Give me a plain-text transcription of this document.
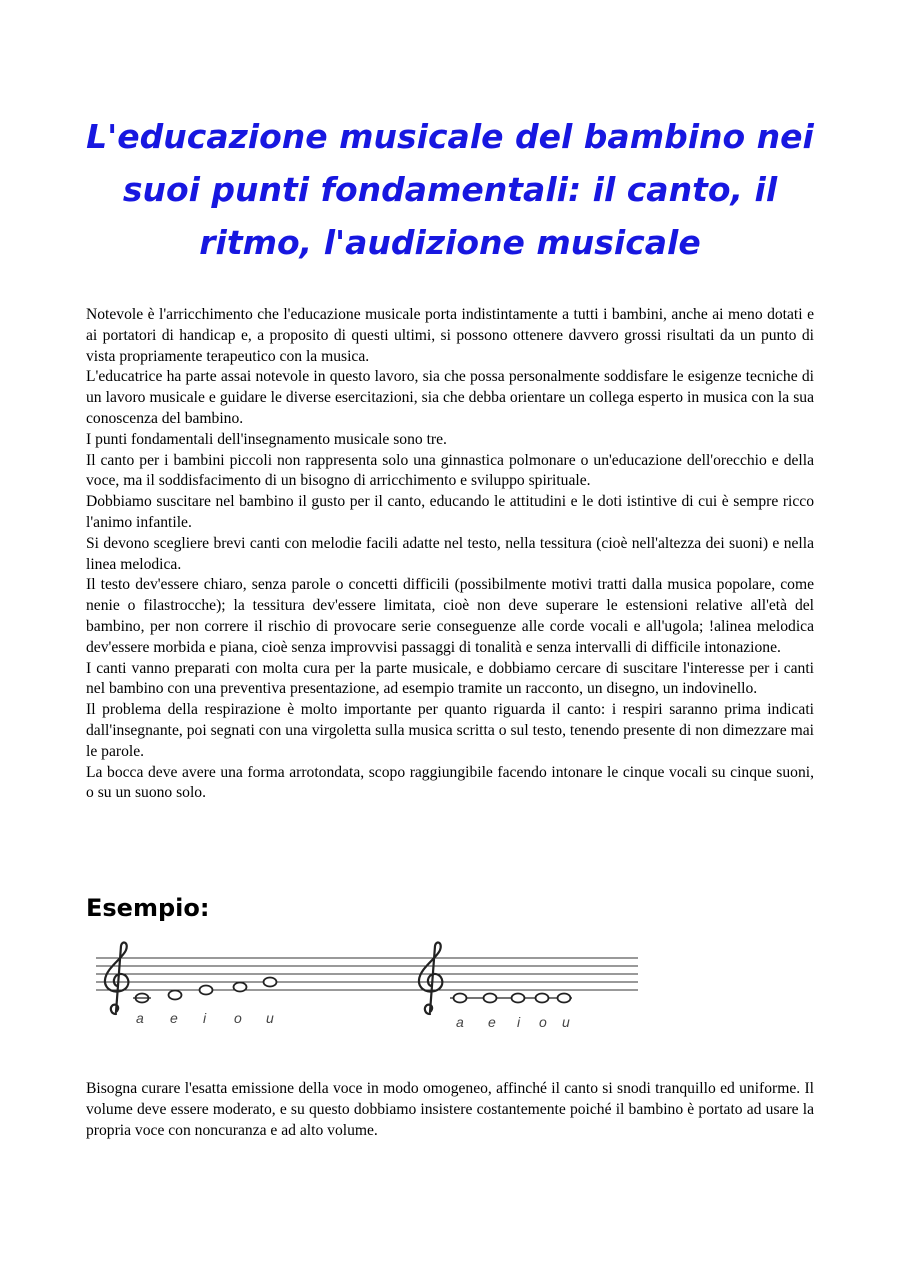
L'educazione musicale del bambino nei suoi punti fondamentali: il canto, il ritmo, l'audizione musicale

Notevole è l'arricchimento che l'educazione musicale porta indistintamente a tutti i bambini, anche ai meno dotati e ai portatori di handicap e, a proposito di questi ultimi, si possono ottenere davvero grossi risultati da un punto di vista propriamente terapeutico con la musica.

L'educatrice ha parte assai notevole in questo lavoro, sia che possa personalmente soddisfare le esigenze tecniche di un lavoro musicale e guidare le diverse esercitazioni, sia che debba orientare un collega esperto in musica con la sua conoscenza del bambino.

I punti fondamentali dell'insegnamento musicale sono tre.

Il canto per i bambini piccoli non rappresenta solo una ginnastica polmonare o un'educazione dell'orecchio e della voce, ma il soddisfacimento di un bisogno di arricchimento e sviluppo spirituale.

Dobbiamo suscitare nel bambino il gusto per il canto, educando le attitudini e le doti istintive di cui è sempre ricco l'animo infantile.

Si devono scegliere brevi canti con melodie facili adatte nel testo, nella tessitura (cioè nell'altezza dei suoni) e nella linea melodica.

Il testo dev'essere chiaro, senza parole o concetti difficili (possibilmente motivi tratti dalla musica popolare, come nenie o filastrocche); la tessitura dev'essere limitata, cioè non deve superare le estensioni relative all'età del bambino, per non correre il rischio di provocare serie conseguenze alle corde vocali e all'ugola; !alinea melodica dev'essere morbida e piana, cioè senza improvvisi passaggi di tonalità e senza intervalli di difficile intonazione.

I canti vanno preparati con molta cura per la parte musicale, e dobbiamo cercare di suscitare l'interesse per i canti nel bambino con una preventiva presentazione, ad esempio tramite un racconto, un disegno, un indovinello.

Il problema della respirazione è molto importante per quanto riguarda il canto: i respiri saranno prima indicati dall'insegnante, poi segnati con una virgoletta sulla musica scritta o sul testo, tenendo presente di non dimezzare mai le parole.

La bocca deve avere una forma arrotondata, scopo raggiungibile facendo intonare le cinque vocali su cinque suoni, o su un suono solo.

Esempio:
a e i o u	a e i o u

Bisogna curare l'esatta emissione della voce in modo omogeneo, affinché il canto si snodi tranquillo ed uniforme. Il volume deve essere moderato, e su questo dobbiamo insistere costantemente poiché il bambino è portato ad usare la propria voce con noncuranza e ad alto volume.
